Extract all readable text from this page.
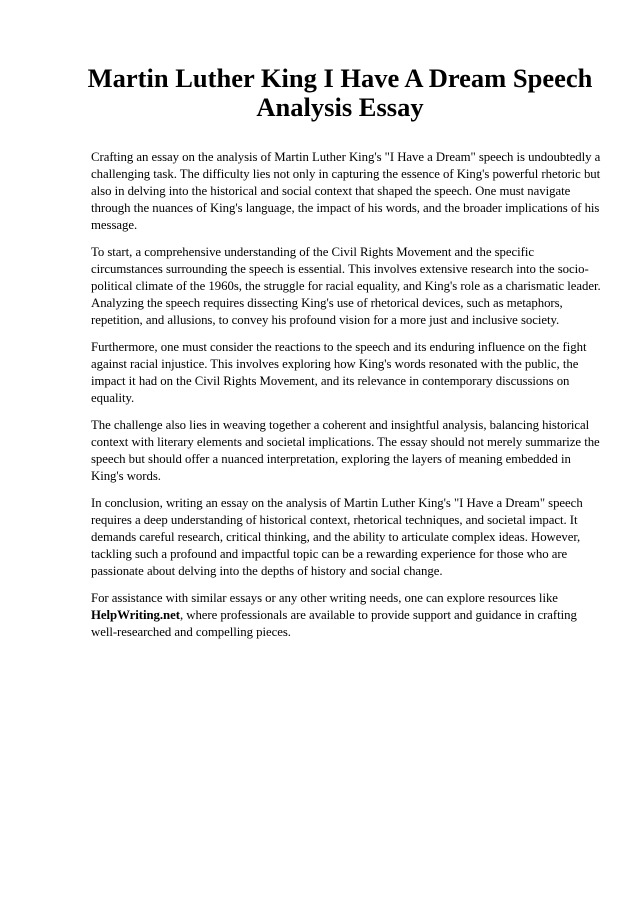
Martin Luther King I Have A Dream Speech
Analysis Essay

Crafting an essay on the analysis of Martin Luther King's "I Have a Dream" speech is undoubtedly a challenging task. The difficulty lies not only in capturing the essence of King's powerful rhetoric but also in delving into the historical and social context that shaped the speech. One must navigate through the nuances of King's language, the impact of his words, and the broader implications of his message.

To start, a comprehensive understanding of the Civil Rights Movement and the specific circumstances surrounding the speech is essential. This involves extensive research into the socio-political climate of the 1960s, the struggle for racial equality, and King's role as a charismatic leader. Analyzing the speech requires dissecting King's use of rhetorical devices, such as metaphors, repetition, and allusions, to convey his profound vision for a more just and inclusive society.

Furthermore, one must consider the reactions to the speech and its enduring influence on the fight against racial injustice. This involves exploring how King's words resonated with the public, the impact it had on the Civil Rights Movement, and its relevance in contemporary discussions on equality.

The challenge also lies in weaving together a coherent and insightful analysis, balancing historical context with literary elements and societal implications. The essay should not merely summarize the speech but should offer a nuanced interpretation, exploring the layers of meaning embedded in King's words.

In conclusion, writing an essay on the analysis of Martin Luther King's "I Have a Dream" speech requires a deep understanding of historical context, rhetorical techniques, and societal impact. It demands careful research, critical thinking, and the ability to articulate complex ideas. However, tackling such a profound and impactful topic can be a rewarding experience for those who are passionate about delving into the depths of history and social change.

For assistance with similar essays or any other writing needs, one can explore resources like HelpWriting.net, where professionals are available to provide support and guidance in crafting well-researched and compelling pieces.
